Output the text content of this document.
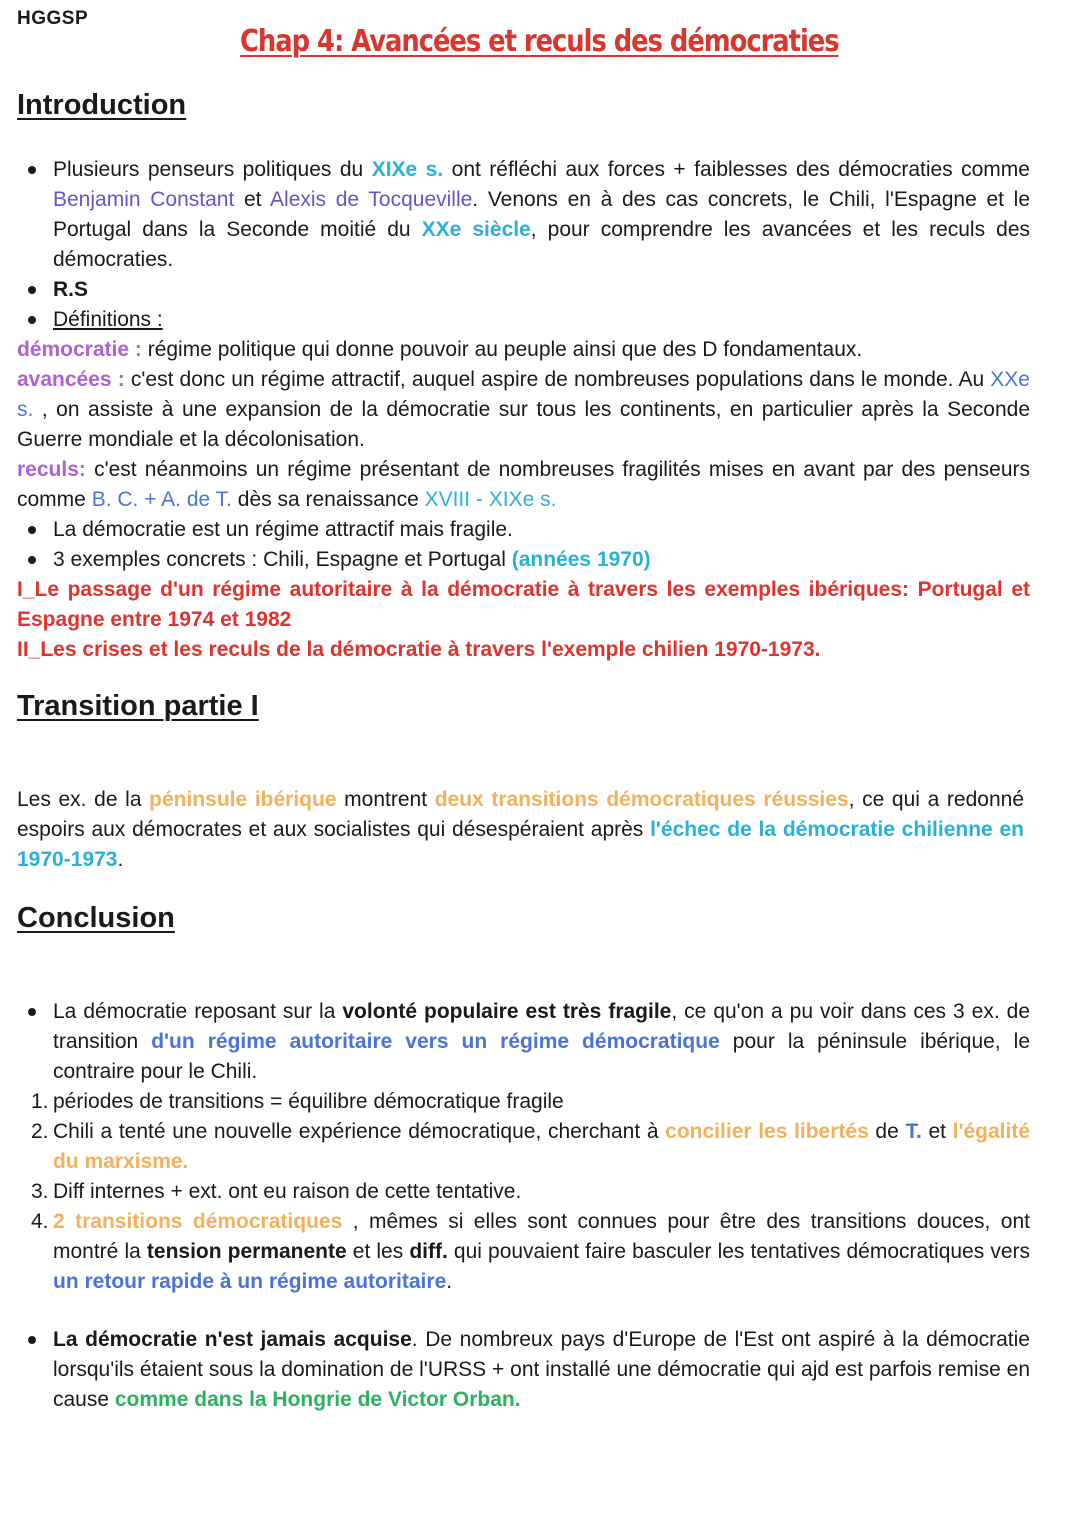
HGGSP
Chap 4: Avancées et reculs des démocraties
Introduction
Plusieurs penseurs politiques du XIXe s. ont réfléchi aux forces + faiblesses des démocraties comme Benjamin Constant et Alexis de Tocqueville. Venons en à des cas concrets, le Chili, l'Espagne et le Portugal dans la Seconde moitié du XXe siècle, pour comprendre les avancées et les reculs des démocraties.
R.S
Définitions :
démocratie : régime politique qui donne pouvoir au peuple ainsi que des D fondamentaux.
avancées : c'est donc un régime attractif, auquel aspire de nombreuses populations dans le monde. Au XXe s. , on assiste à une expansion de la démocratie sur tous les continents, en particulier après la Seconde Guerre mondiale et la décolonisation.
reculs: c'est néanmoins un régime présentant de nombreuses fragilités mises en avant par des penseurs comme B. C. + A. de T. dès sa renaissance XVIII - XIXe s.
La démocratie est un régime attractif mais fragile.
3 exemples concrets : Chili, Espagne et Portugal (années 1970)
I_Le passage d'un régime autoritaire à la démocratie à travers les exemples ibériques: Portugal et Espagne entre 1974 et 1982
II_Les crises et les reculs de la démocratie à travers l'exemple chilien 1970-1973.
Transition partie I
Les ex. de la péninsule ibérique montrent deux transitions démocratiques réussies, ce qui a redonné espoirs aux démocrates et aux socialistes qui désespéraient après l'échec de la démocratie chilienne en 1970-1973.
Conclusion
La démocratie reposant sur la volonté populaire est très fragile, ce qu'on a pu voir dans ces 3 ex. de transition d'un régime autoritaire vers un régime démocratique pour la péninsule ibérique, le contraire pour le Chili.
1. périodes de transitions = équilibre démocratique fragile
2. Chili a tenté une nouvelle expérience démocratique, cherchant à concilier les libertés de T. et l'égalité du marxisme.
3. Diff internes + ext. ont eu raison de cette tentative.
4. 2 transitions démocratiques , mêmes si elles sont connues pour être des transitions douces, ont montré la tension permanente et les diff. qui pouvaient faire basculer les tentatives démocratiques vers un retour rapide à un régime autoritaire.
La démocratie n'est jamais acquise. De nombreux pays d'Europe de l'Est ont aspiré à la démocratie lorsqu'ils étaient sous la domination de l'URSS + ont installé une démocratie qui ajd est parfois remise en cause comme dans la Hongrie de Victor Orban.
